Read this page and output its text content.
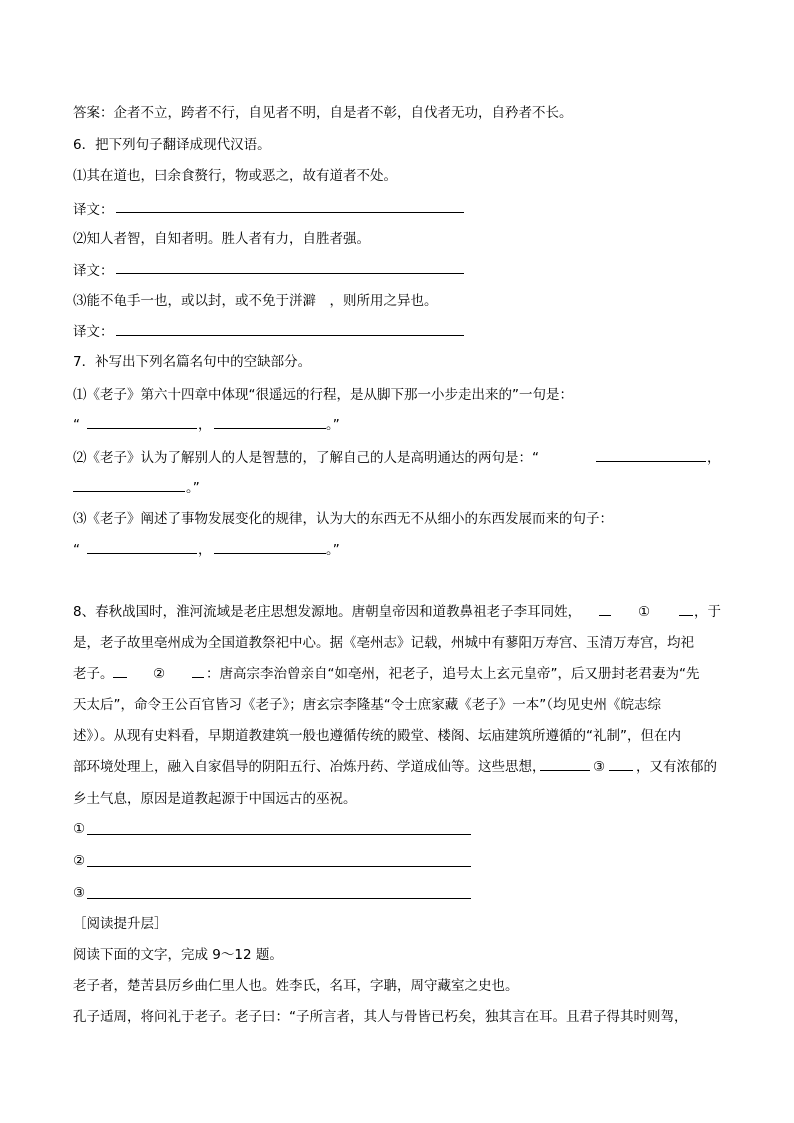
答案：企者不立，跨者不行，自见者不明，自是者不彰，自伐者无功，自矜者不长。
6．把下列句子翻译成现代汉语。
⑴其在道也，曰余食赘行，物或恶之，故有道者不处。
译文：
⑵知人者智，自知者明。胜人者有力，自胜者强。
译文：
⑶能不龟手一也，或以封，或不免于洴澼　，则所用之异也。
译文：
7．补写出下列名篇名句中的空缺部分。
⑴《老子》第六十四章中体现“很遥远的行程，是从脚下那一小步走出来的”一句是：
“	，	。”
⑵《老子》认为了解别人的人是智慧的，了解自己的人是高明通达的两句是：“	，
。”
⑶《老子》阐述了事物发展变化的规律，认为大的东西无不从细小的东西发展而来的句子：
“	，	。”
8、春秋战国时，淮河流域是老庄思想发源地。唐朝皇帝因和道教鼻祖老子李耳同姓，	①	，于
是，老子故里亳州成为全国道教祭祀中心。据《亳州志》记载，州城中有蓼阳万寿宫、玉清万寿宫，均祀
老子。	②	：唐高宗李治曾亲自“如亳州，祀老子，追号太上玄元皇帝”，后又册封老君妻为“先
天太后”，命令王公百官皆习《老子》；唐玄宗李隆基“令士庶家藏《老子》一本”（均见史州《皖志综
述》）。从现有史料看，早期道教建筑一般也遵循传统的殿堂、楼阁、坛庙建筑所遵循的“礼制”，但在内
部环境处理上，融入自家倡导的阴阳五行、冶炼丹药、学道成仙等。这些思想，	③ ，又有浓郁的
乡土气息，原因是道教起源于中国远古的巫祝。
①
②
③
［阅读提升层］
阅读下面的文字，完成 9～12 题。
老子者，楚苦县厉乡曲仁里人也。姓李氏，名耳，字聃，周守藏室之史也。
孔子适周，将问礼于老子。老子曰：“子所言者，其人与骨皆已朽矣，独其言在耳。且君子得其时则驾，
